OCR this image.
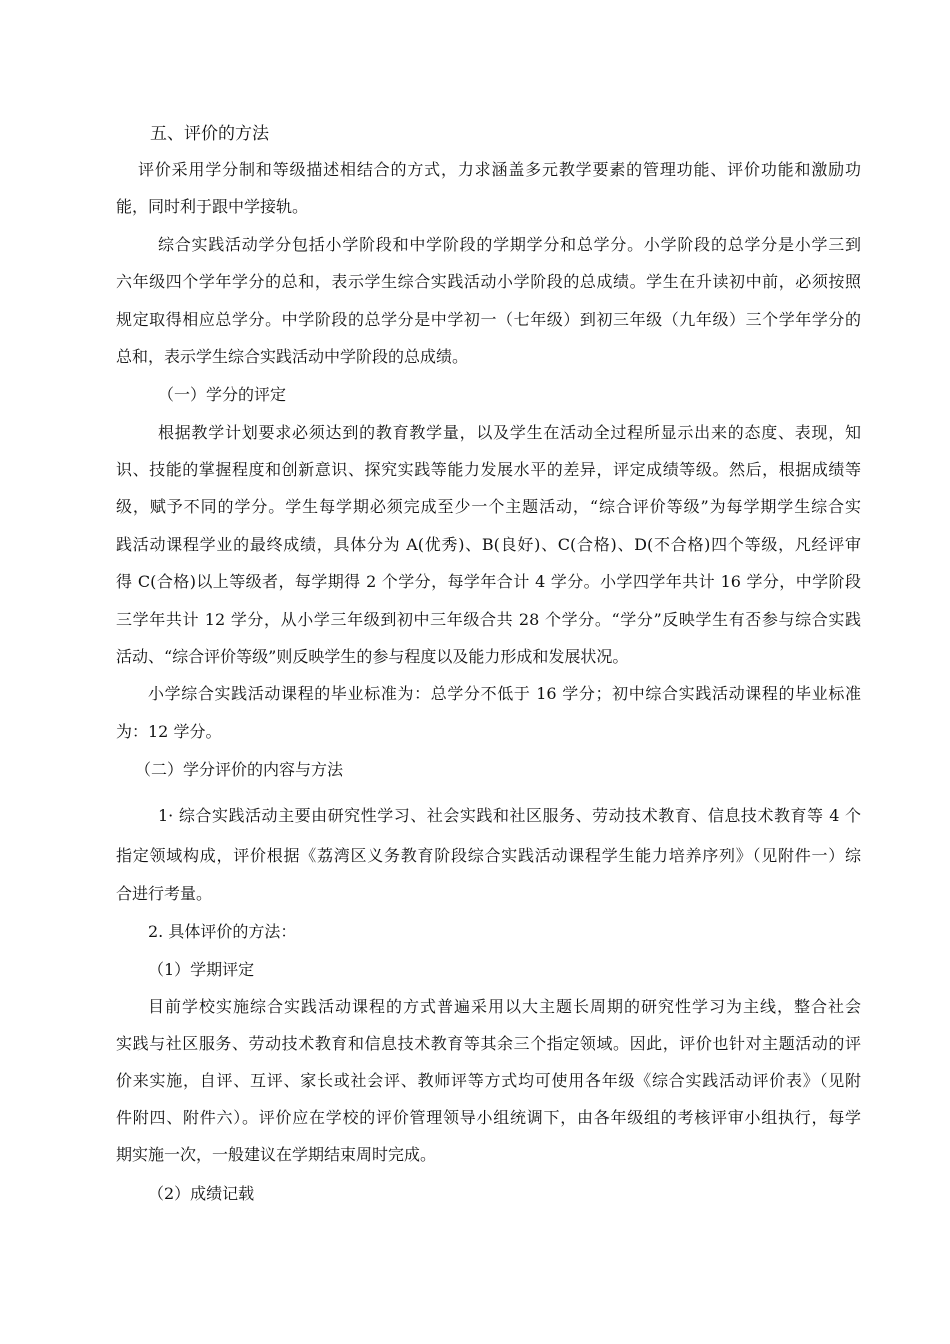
五、评价的方法

评价采用学分制和等级描述相结合的方式，力求涵盖多元教学要素的管理功能、评价功能和激励功

能，同时利于跟中学接轨。

综合实践活动学分包括小学阶段和中学阶段的学期学分和总学分。小学阶段的总学分是小学三到

六年级四个学年学分的总和，表示学生综合实践活动小学阶段的总成绩。学生在升读初中前，必须按照

规定取得相应总学分。中学阶段的总学分是中学初一（七年级）到初三年级（九年级）三个学年学分的

总和，表示学生综合实践活动中学阶段的总成绩。

（一）学分的评定

根据教学计划要求必须达到的教育教学量，以及学生在活动全过程所显示出来的态度、表现，知

识、技能的掌握程度和创新意识、探究实践等能力发展水平的差异，评定成绩等级。然后，根据成绩等

级，赋予不同的学分。学生每学期必须完成至少一个主题活动，“综合评价等级”为每学期学生综合实

践活动课程学业的最终成绩，具体分为 A(优秀)、B(良好)、C(合格)、D(不合格)四个等级，凡经评审

得 C(合格)以上等级者，每学期得 2 个学分，每学年合计 4 学分。小学四学年共计 16 学分，中学阶段

三学年共计 12 学分，从小学三年级到初中三年级合共 28 个学分。“学分”反映学生有否参与综合实践

活动、“综合评价等级”则反映学生的参与程度以及能力形成和发展状况。

小学综合实践活动课程的毕业标准为：总学分不低于 16 学分；初中综合实践活动课程的毕业标准

为：12 学分。

（二）学分评价的内容与方法

1· 综合实践活动主要由研究性学习、社会实践和社区服务、劳动技术教育、信息技术教育等 4 个

指定领域构成，评价根据《荔湾区义务教育阶段综合实践活动课程学生能力培养序列》（见附件一）综

合进行考量。

2. 具体评价的方法：

（1）学期评定

目前学校实施综合实践活动课程的方式普遍采用以大主题长周期的研究性学习为主线，整合社会

实践与社区服务、劳动技术教育和信息技术教育等其余三个指定领域。因此，评价也针对主题活动的评

价来实施，自评、互评、家长或社会评、教师评等方式均可使用各年级《综合实践活动评价表》（见附

件附四、附件六）。评价应在学校的评价管理领导小组统调下，由各年级组的考核评审小组执行，每学

期实施一次，一般建议在学期结束周时完成。

（2）成绩记载
